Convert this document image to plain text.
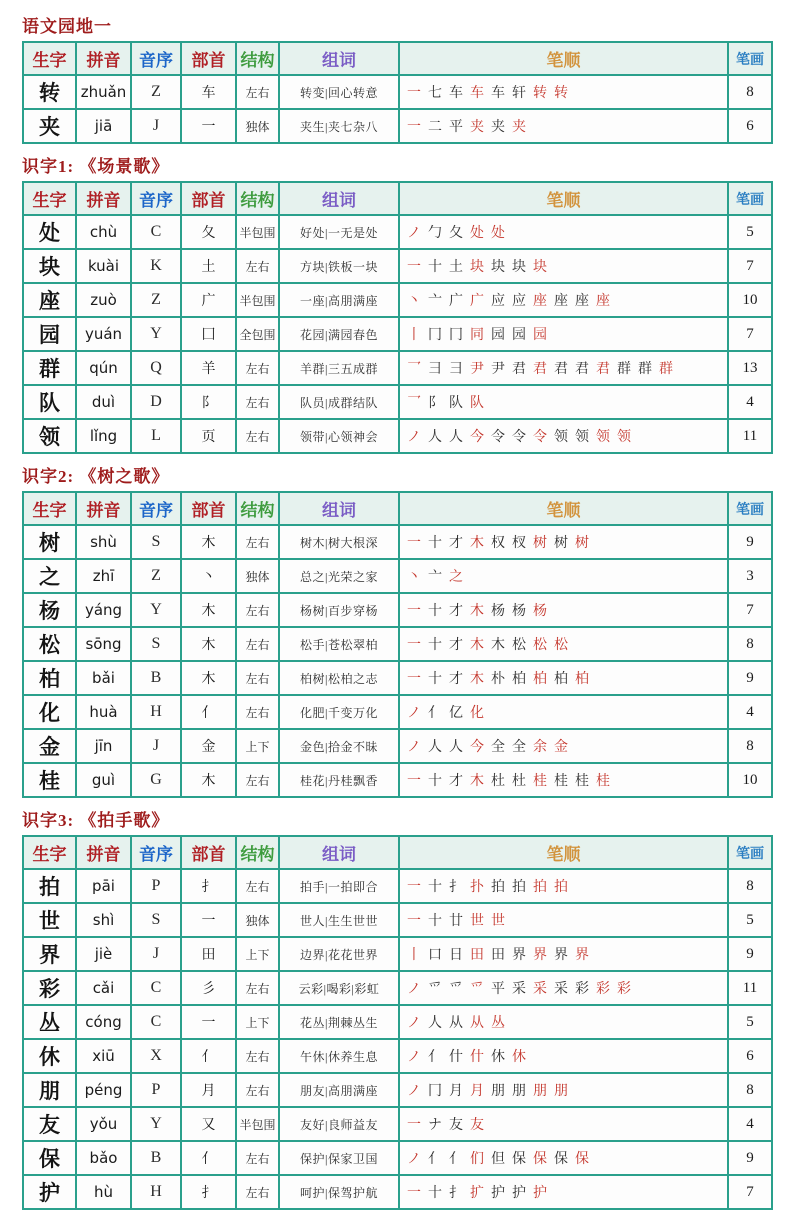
语文园地一
生字	拼音	音序	部首	结构	组词	笔顺	笔画
转	zhuǎn	Z	车	左右	转变|回心转意	一 七 车 车 车 轩 转 转	8
夹	jiā	J	一	独体	夹生|夹七杂八	一 二 平 夹 夹 夹	6
识字1: 《场景歌》
生字	拼音	音序	部首	结构	组词	笔顺	笔画
处	chù	C	夂	半包围	好处|一无是处	ノ 勹 夂 处 处	5
块	kuài	K	土	左右	方块|铁板一块	一 十 土 块 块 块 块	7
座	zuò	Z	广	半包围	一座|高朋满座	丶 亠 广 广 应 应 座 座 座 座	10
园	yuán	Y	囗	全包围	花园|满园春色	丨 冂 冂 同 园 园 园	7
群	qún	Q	羊	左右	羊群|三五成群	乛 彐 彐 尹 尹 君 君 君 君 君 群 群 群	13
队	duì	D	阝	左右	队员|成群结队	乛 阝 队 队	4
领	lǐng	L	页	左右	领带|心领神会	ノ 人 人 今 令 令 令 领 领 领 领	11
识字2: 《树之歌》
生字	拼音	音序	部首	结构	组词	笔顺	笔画
树	shù	S	木	左右	树木|树大根深	一 十 才 木 权 杈 树 树 树	9
之	zhī	Z	丶	独体	总之|光荣之家	丶 亠 之	3
杨	yáng	Y	木	左右	杨树|百步穿杨	一 十 才 木 杨 杨 杨	7
松	sōng	S	木	左右	松手|苍松翠柏	一 十 才 木 木 松 松 松	8
柏	bǎi	B	木	左右	柏树|松柏之志	一 十 才 木 朴 柏 柏 柏 柏	9
化	huà	H	亻	左右	化肥|千变万化	ノ 亻 亿 化	4
金	jīn	J	金	上下	金色|拾金不昧	ノ 人 人 今 全 全 余 金	8
桂	guì	G	木	左右	桂花|丹桂飘香	一 十 才 木 杜 杜 桂 桂 桂 桂	10
识字3: 《拍手歌》
生字	拼音	音序	部首	结构	组词	笔顺	笔画
拍	pāi	P	扌	左右	拍手|一拍即合	一 十 扌 扑 拍 拍 拍 拍	8
世	shì	S	一	独体	世人|生生世世	一 十 廿 世 世	5
界	jiè	J	田	上下	边界|花花世界	丨 口 日 田 田 界 界 界 界	9
彩	cǎi	C	彡	左右	云彩|喝彩|彩虹	ノ 爫 爫 爫 平 采 采 采 彩 彩 彩	11
丛	cóng	C	一	上下	花丛|荆棘丛生	ノ 人 从 从 丛	5
休	xiū	X	亻	左右	午休|休养生息	ノ 亻 什 什 休 休	6
朋	péng	P	月	左右	朋友|高朋满座	ノ 冂 月 月 朋 朋 朋 朋	8
友	yǒu	Y	又	半包围	友好|良师益友	一 ナ 友 友	4
保	bǎo	B	亻	左右	保护|保家卫国	ノ 亻 亻 们 但 保 保 保 保	9
护	hù	H	扌	左右	呵护|保驾护航	一 十 扌 扩 护 护 护	7
